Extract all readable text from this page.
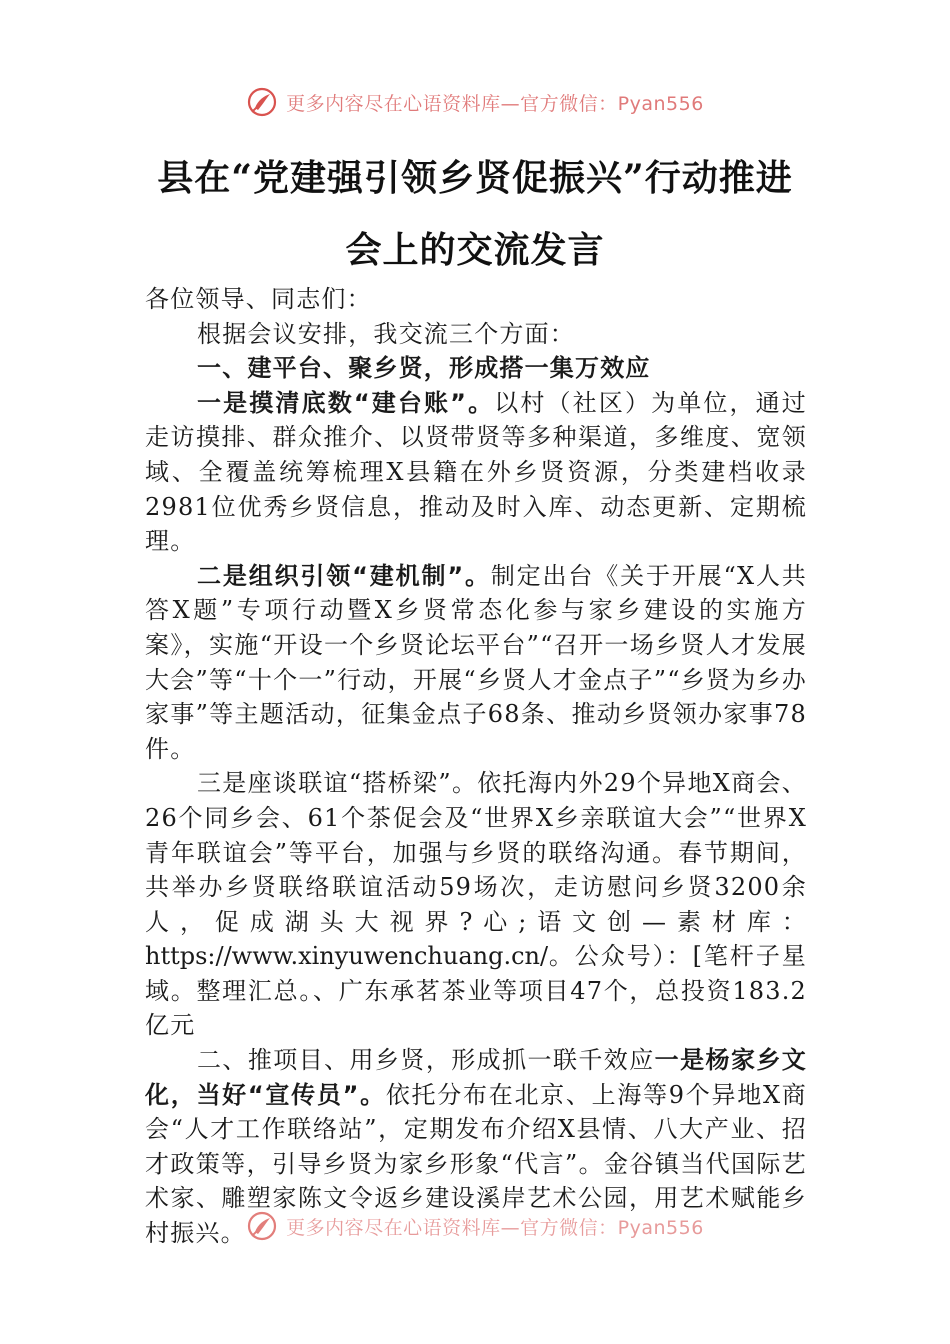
更多内容尽在心语资料库—官方微信：Pyan556
县在“党建强引领乡贤促振兴”行动推进
会上的交流发言

各位领导、同志们：

根据会议安排，我交流三个方面：

一、建平台、聚乡贤，形成搭一集万效应

一是摸清底数“建台账”。以村（社区）为单位，通过走访摸排、群众推介、以贤带贤等多种渠道，多维度、宽领域、全覆盖统筹梳理X县籍在外乡贤资源，分类建档收录2981位优秀乡贤信息，推动及时入库、动态更新、定期梳理。

二是组织引领“建机制”。制定出台《关于开展“X人共答X题”专项行动暨X乡贤常态化参与家乡建设的实施方案》，实施“开设一个乡贤论坛平台”“召开一场乡贤人才发展大会”等“十个一”行动，开展“乡贤人才金点子”“乡贤为乡办家事”等主题活动，征集金点子68条、推动乡贤领办家事78件。

三是座谈联谊“搭桥梁”。依托海内外29个异地X商会、26个同乡会、61个茶促会及“世界X乡亲联谊大会”“世界X青年联谊会”等平台，加强与乡贤的联络沟通。春节期间，共举办乡贤联络联谊活动59场次，走访慰问乡贤3200余人，促成湖头大视界?心;语文创—素材库：https://www.xinyuwenchuang.cn/。公众号）：[笔杆子星域。整理汇总。、广东承茗茶业等项目47个，总投资183.2亿元

二、推项目、用乡贤，形成抓一联千效应一是杨家乡文化，当好“宣传员”。依托分布在北京、上海等9个异地X商会“人才工作联络站”，定期发布介绍X县情、八大产业、招才政策等，引导乡贤为家乡形象“代言”。金谷镇当代国际艺术家、雕塑家陈文令返乡建设溪岸艺术公园，用艺术赋能乡村振兴。	更多内容尽在心语资料库—官方微信：Pyan556
